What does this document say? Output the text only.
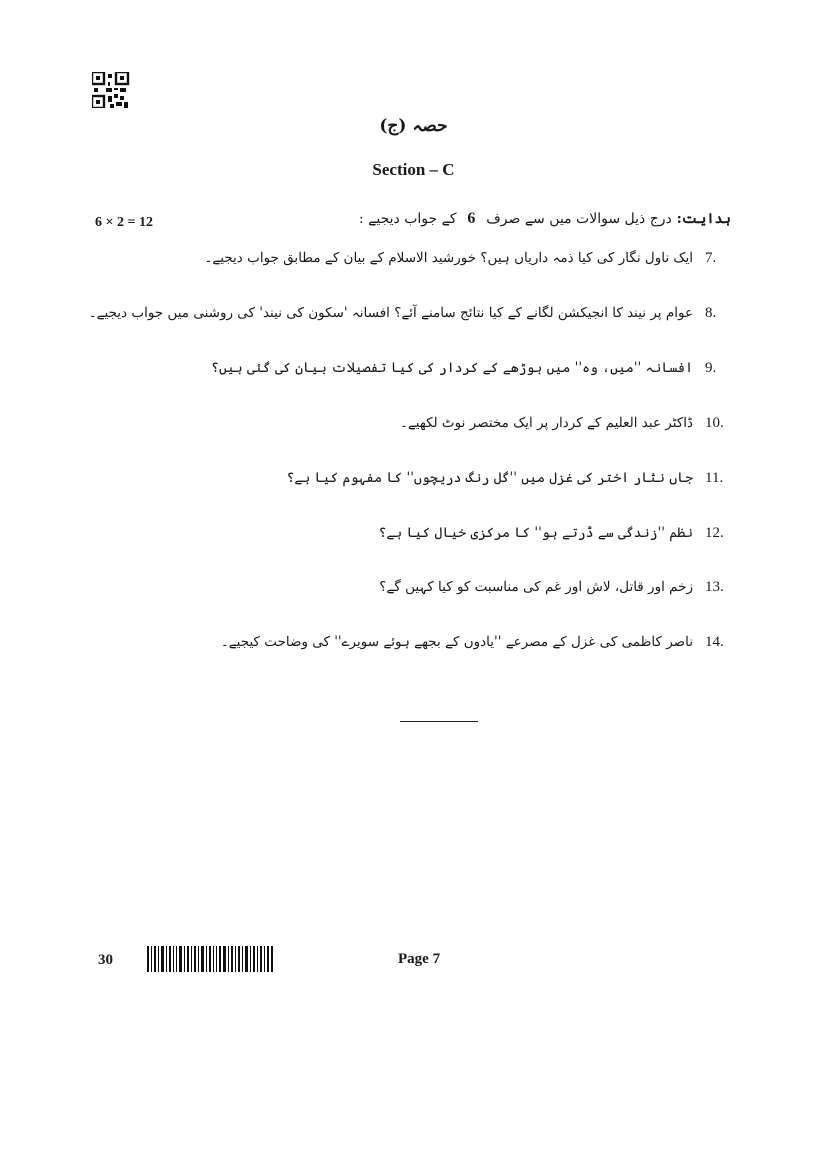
حصہ (ج)
Section – C
6 × 2 = 12	ہدایت: درج ذیل سوالات میں سے صرف 6 کے جواب دیجیے :
7.ایک ناول نگار کی کیا ذمہ داریاں ہیں؟ خورشید الاسلام کے بیان کے مطابق جواب دیجیے۔
8.عوام پر نیند کا انجیکشن لگانے کے کیا نتائج سامنے آئے؟ افسانہ 'سکون کی نیند' کی روشنی میں جواب دیجیے۔
9.افسانہ ''میں، وہ'' میں بوڑھے کے کردار کی کیا تفصیلات بیان کی گئی ہیں؟
10.ڈاکٹر عبد العلیم کے کردار پر ایک مختصر نوٹ لکھیے۔
11.جاں نثار اختر کی غزل میں ''گل رنگ دریچوں'' کا مفہوم کیا ہے؟
12.نظم ''زندگی سے ڈرتے ہو'' کا مرکزی خیال کیا ہے؟
13.زخم اور قاتل، لاش اور غم کی مناسبت کو کیا کہیں گے؟
14.ناصر کاظمی کی غزل کے مصرعے ''یادوں کے بجھے ہوئے سویرے'' کی وضاحت کیجیے۔
30	Page 7
